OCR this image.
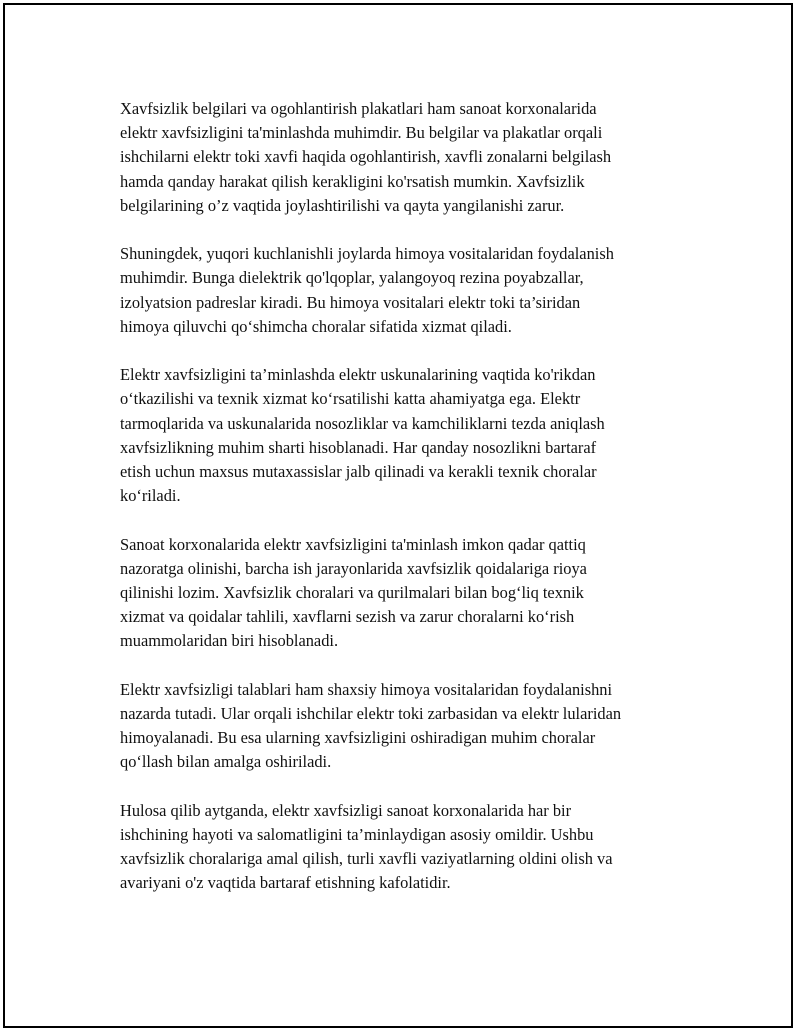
Xavfsizlik belgilari va ogohlantirish plakatlari ham sanoat korxonalarida
elektr xavfsizligini ta'minlashda muhimdir. Bu belgilar va plakatlar orqali
ishchilarni elektr toki xavfi haqida ogohlantirish, xavfli zonalarni belgilash
hamda qanday harakat qilish kerakligini ko'rsatish mumkin. Xavfsizlik
belgilarining o’z vaqtida joylashtirilishi va qayta yangilanishi zarur.

Shuningdek, yuqori kuchlanishli joylarda himoya vositalaridan foydalanish
muhimdir. Bunga dielektrik qo'lqoplar, yalangoyoq rezina poyabzallar,
izolyatsion padreslar kiradi. Bu himoya vositalari elektr toki ta’siridan
himoya qiluvchi qo‘shimcha choralar sifatida xizmat qiladi.

Elektr xavfsizligini ta’minlashda elektr uskunalarining vaqtida ko'rikdan
o‘tkazilishi va texnik xizmat ko‘rsatilishi katta ahamiyatga ega. Elektr
tarmoqlarida va uskunalarida nosozliklar va kamchiliklarni tezda aniqlash
xavfsizlikning muhim sharti hisoblanadi. Har qanday nosozlikni bartaraf
etish uchun maxsus mutaxassislar jalb qilinadi va kerakli texnik choralar
ko‘riladi.

Sanoat korxonalarida elektr xavfsizligini ta'minlash imkon qadar qattiq
nazoratga olinishi, barcha ish jarayonlarida xavfsizlik qoidalariga rioya
qilinishi lozim. Xavfsizlik choralari va qurilmalari bilan bog‘liq texnik
xizmat va qoidalar tahlili, xavflarni sezish va zarur choralarni ko‘rish
muammolaridan biri hisoblanadi.

Elektr xavfsizligi talablari ham shaxsiy himoya vositalaridan foydalanishni
nazarda tutadi. Ular orqali ishchilar elektr toki zarbasidan va elektr lularidan
himoyalanadi. Bu esa ularning xavfsizligini oshiradigan muhim choralar
qo‘llash bilan amalga oshiriladi.

Hulosa qilib aytganda, elektr xavfsizligi sanoat korxonalarida har bir
ishchining hayoti va salomatligini ta’minlaydigan asosiy omildir. Ushbu
xavfsizlik choralariga amal qilish, turli xavfli vaziyatlarning oldini olish va
avariyani o'z vaqtida bartaraf etishning kafolatidir.
